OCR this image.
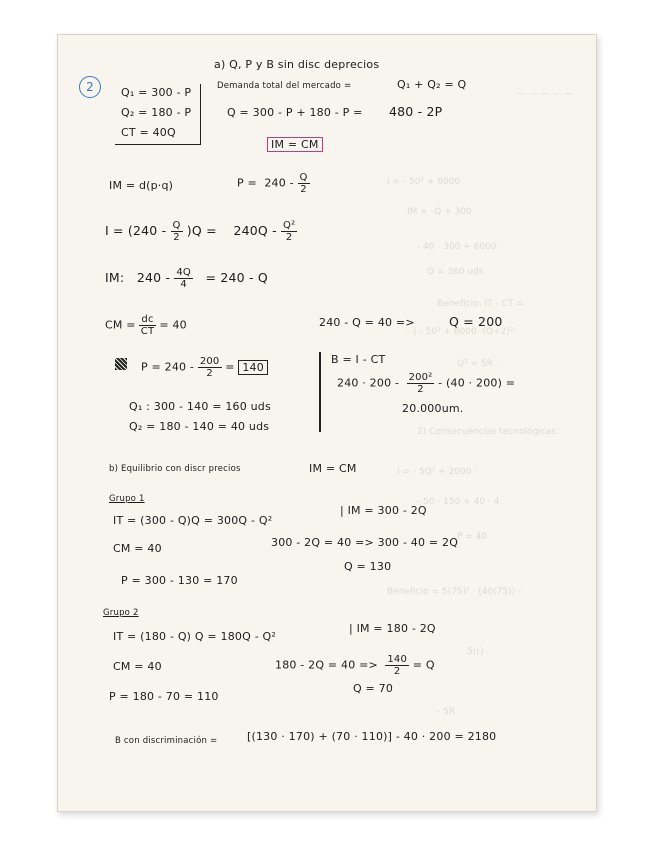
— — — — —
I = - 50² + 6000
IM = -Q + 300
- 40 · 300 + 6000 ·
Q = 360 uds
Beneficio: IT - CT =
- ( - 50² + 6000 ·(Q+2)²·
Q² = 5R ·
2) Consecuencias tecnológicas:
I = - 5Q² + 2000 ·
- 50 · 150 + 40 · 4
P = 40 ·
Beneficio = 5(75)² · (40(75)) -
5(r) -
- 5R
2
a) Q, P y B sin disc deprecios
Q₁ = 300 - P
Q₂ = 180 - P
CT = 40Q
Demanda total del mercado =	Q₁ + Q₂ = Q
Q = 300 - P + 180 - P = 480 - 2P
IM = CM
IM = d(p·q)	$P = 240 - \frac{Q}{2}$
$I = (240 - \frac{Q}{2} )Q = 240Q - \frac{\text{Q²}}{2}$
IM: $240 - \frac{4Q}{4} = 240 - Q$
CM = $\frac{dc}{CT} = 40$	240 - Q = 40 =>	Q = 200
$P = 240 - \frac{200}{2} = 140$
B = I - CT
$240 \cdot 200 - \frac{\text{200²}}{2} - (40 \cdot 200)$ =
20.000um.
Q₁ : 300 - 140 = 160 uds
Q₂ = 180 - 140 = 40 uds
b) Equilibrio con discr precios	IM = CM
Grupo 1
IT = (300 - Q)Q = 300Q - Q²
| IM = 300 - 2Q
CM = 40	300 - 2Q = 40 => 300 - 40 = 2Q
Q = 130
P = 300 - 130 = 170
Grupo 2
IT = (180 - Q) Q = 180Q - Q²
| IM = 180 - 2Q
CM = 40	$180 - 2Q = 40 => \frac{140}{2} = Q$
Q = 70
P = 180 - 70 = 110
B con discriminación =	[(130 · 170) + (70 · 110)] - 40 · 200 = 2180
